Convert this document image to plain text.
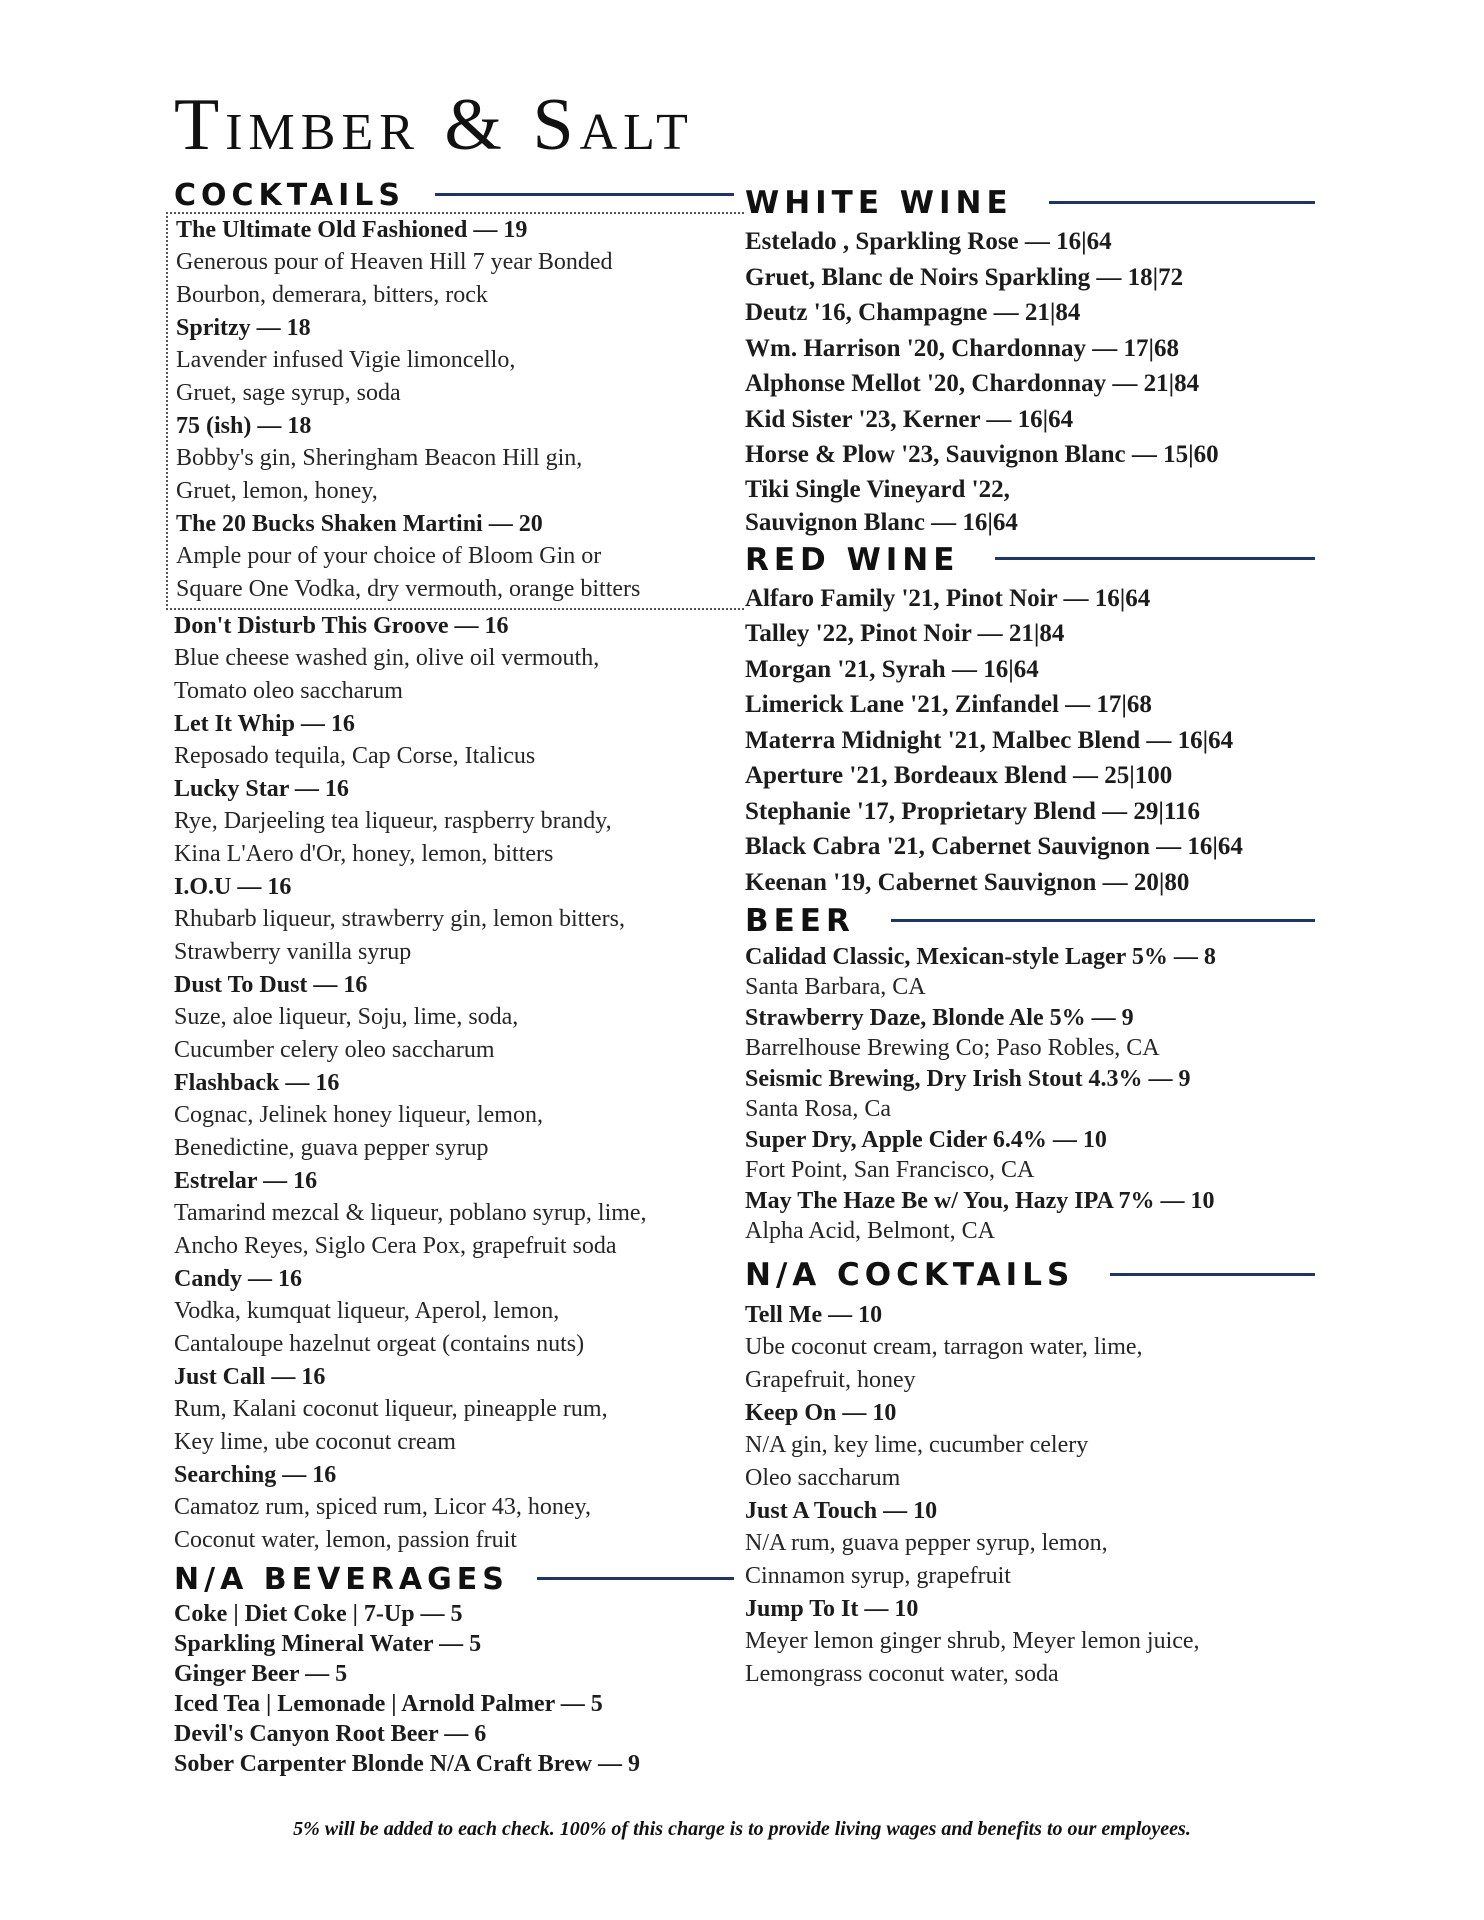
Timber & Salt
COCKTAILS
The Ultimate Old Fashioned — 19
Generous pour of Heaven Hill 7 year Bonded
Bourbon, demerara, bitters, rock
Spritzy — 18
Lavender infused Vigie limoncello,
Gruet, sage syrup, soda
75 (ish) — 18
Bobby's gin, Sheringham Beacon Hill gin,
Gruet, lemon, honey,
The 20 Bucks Shaken Martini — 20
Ample pour of your choice of Bloom Gin or
Square One Vodka, dry vermouth, orange bitters
Don't Disturb This Groove — 16
Blue cheese washed gin, olive oil vermouth,
Tomato oleo saccharum
Let It Whip — 16
Reposado tequila, Cap Corse, Italicus
Lucky Star — 16
Rye, Darjeeling tea liqueur, raspberry brandy,
Kina L'Aero d'Or, honey, lemon, bitters
I.O.U — 16
Rhubarb liqueur, strawberry gin, lemon bitters,
Strawberry vanilla syrup
Dust To Dust — 16
Suze, aloe liqueur, Soju, lime, soda,
Cucumber celery oleo saccharum
Flashback — 16
Cognac, Jelinek honey liqueur, lemon,
Benedictine, guava pepper syrup
Estrelar — 16
Tamarind mezcal & liqueur, poblano syrup, lime,
Ancho Reyes, Siglo Cera Pox, grapefruit soda
Candy — 16
Vodka, kumquat liqueur, Aperol, lemon,
Cantaloupe hazelnut orgeat (contains nuts)
Just Call — 16
Rum, Kalani coconut liqueur, pineapple rum,
Key lime, ube coconut cream
Searching — 16
Camatoz rum, spiced rum, Licor 43, honey,
Coconut water, lemon, passion fruit
N/A BEVERAGES
Coke | Diet Coke | 7-Up — 5
Sparkling Mineral Water — 5
Ginger Beer — 5
Iced Tea | Lemonade | Arnold Palmer — 5
Devil's Canyon Root Beer — 6
Sober Carpenter Blonde N/A Craft Brew — 9
WHITE WINE
Estelado , Sparkling Rose — 16|64
Gruet, Blanc de Noirs Sparkling — 18|72
Deutz '16, Champagne — 21|84
Wm. Harrison '20, Chardonnay — 17|68
Alphonse Mellot '20, Chardonnay — 21|84
Kid Sister '23, Kerner — 16|64
Horse & Plow '23, Sauvignon Blanc — 15|60
Tiki Single Vineyard '22,
Sauvignon Blanc — 16|64
RED WINE
Alfaro Family '21, Pinot Noir — 16|64
Talley '22, Pinot Noir — 21|84
Morgan '21, Syrah — 16|64
Limerick Lane '21, Zinfandel — 17|68
Materra Midnight '21, Malbec Blend — 16|64
Aperture '21, Bordeaux Blend — 25|100
Stephanie '17, Proprietary Blend — 29|116
Black Cabra '21, Cabernet Sauvignon — 16|64
Keenan '19, Cabernet Sauvignon — 20|80
BEER
Calidad Classic, Mexican-style Lager 5% — 8
Santa Barbara, CA
Strawberry Daze, Blonde Ale 5% — 9
Barrelhouse Brewing Co; Paso Robles, CA
Seismic Brewing, Dry Irish Stout 4.3% — 9
Santa Rosa, Ca
Super Dry, Apple Cider 6.4% — 10
Fort Point, San Francisco, CA
May The Haze Be w/ You, Hazy IPA 7% — 10
Alpha Acid, Belmont, CA
N/A COCKTAILS
Tell Me — 10
Ube coconut cream, tarragon water, lime,
Grapefruit, honey
Keep On — 10
N/A gin, key lime, cucumber celery
Oleo saccharum
Just A Touch — 10
N/A rum, guava pepper syrup, lemon,
Cinnamon syrup, grapefruit
Jump To It — 10
Meyer lemon ginger shrub, Meyer lemon juice,
Lemongrass coconut water, soda
5% will be added to each check. 100% of this charge is to provide living wages and benefits to our employees.
